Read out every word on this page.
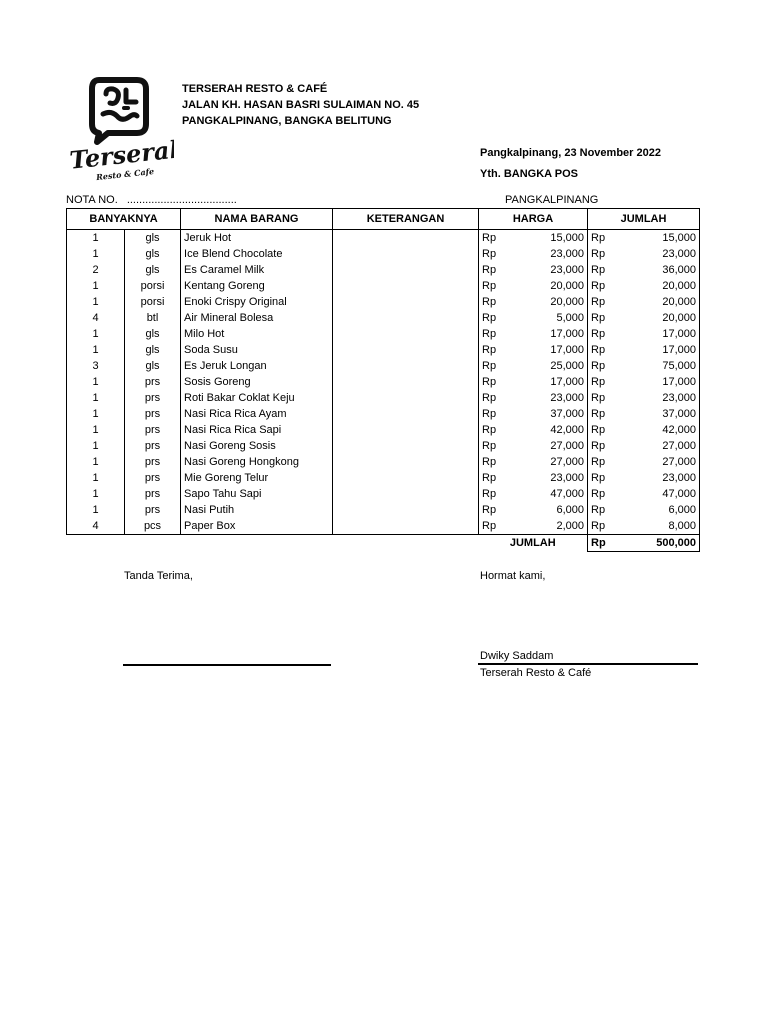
Terserah!
Resto & Cafe
TERSERAH RESTO & CAFÉ
JALAN KH. HASAN BASRI SULAIMAN NO. 45
PANGKALPINANG, BANGKA BELITUNG
Pangkalpinang, 23 November 2022
Yth. BANGKA POS
NOTA NO. ....................................	PANGKALPINANG
BANYAKNYA		NAMA BARANG	KETERANGAN	HARGA		JUMLAH	
1	gls	Jeruk Hot		Rp	15,000	Rp	15,000
1	gls	Ice Blend Chocolate		Rp	23,000	Rp	23,000
2	gls	Es Caramel Milk		Rp	23,000	Rp	36,000
1	porsi	Kentang Goreng		Rp	20,000	Rp	20,000
1	porsi	Enoki Crispy Original		Rp	20,000	Rp	20,000
4	btl	Air Mineral Bolesa		Rp	5,000	Rp	20,000
1	gls	Milo Hot		Rp	17,000	Rp	17,000
1	gls	Soda Susu		Rp	17,000	Rp	17,000
3	gls	Es Jeruk Longan		Rp	25,000	Rp	75,000
1	prs	Sosis Goreng		Rp	17,000	Rp	17,000
1	prs	Roti Bakar Coklat Keju		Rp	23,000	Rp	23,000
1	prs	Nasi Rica Rica Ayam		Rp	37,000	Rp	37,000
1	prs	Nasi Rica Rica Sapi		Rp	42,000	Rp	42,000
1	prs	Nasi Goreng Sosis		Rp	27,000	Rp	27,000
1	prs	Nasi Goreng Hongkong		Rp	27,000	Rp	27,000
1	prs	Mie Goreng Telur		Rp	23,000	Rp	23,000
1	prs	Sapo Tahu Sapi		Rp	47,000	Rp	47,000
1	prs	Nasi Putih		Rp	6,000	Rp	6,000
4	pcs	Paper Box		Rp	2,000	Rp	8,000
				JUMLAH		Rp	500,000
Tanda Terima,	Hormat kami,
Dwiky Saddam
Terserah Resto & Café
